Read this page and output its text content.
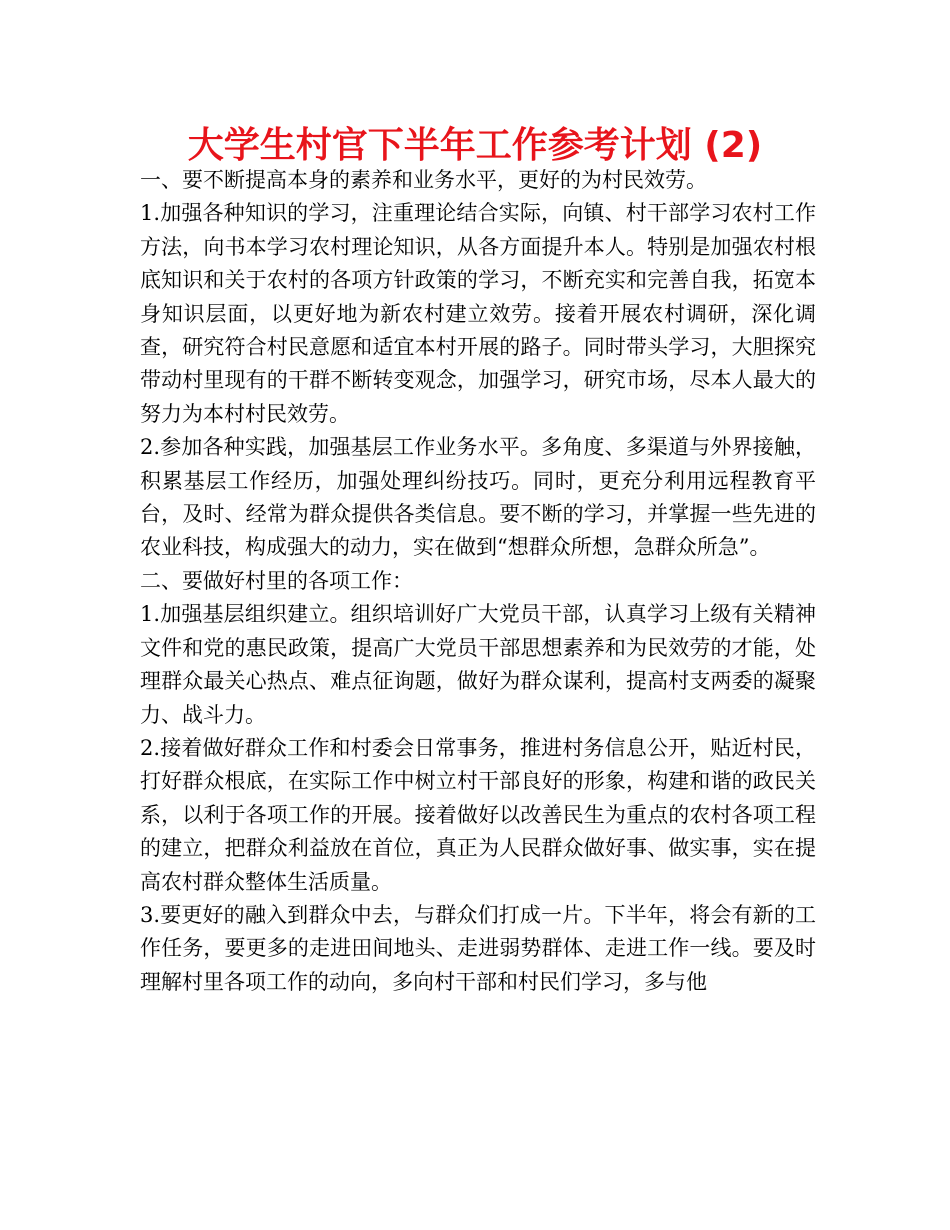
大学生村官下半年工作参考计划 (2)

一、要不断提高本身的素养和业务水平，更好的为村民效劳。

1.加强各种知识的学习，注重理论结合实际，向镇、村干部学习农村工作方法，向书本学习农村理论知识，从各方面提升本人。特别是加强农村根底知识和关于农村的各项方针政策的学习，不断充实和完善自我，拓宽本身知识层面，以更好地为新农村建立效劳。接着开展农村调研，深化调查，研究符合村民意愿和适宜本村开展的路子。同时带头学习，大胆探究带动村里现有的干群不断转变观念，加强学习，研究市场，尽本人最大的努力为本村村民效劳。

2.参加各种实践，加强基层工作业务水平。多角度、多渠道与外界接触，积累基层工作经历，加强处理纠纷技巧。同时，更充分利用远程教育平台，及时、经常为群众提供各类信息。要不断的学习，并掌握一些先进的农业科技，构成强大的动力，实在做到“想群众所想，急群众所急”。

二、要做好村里的各项工作：

1.加强基层组织建立。组织培训好广大党员干部，认真学习上级有关精神文件和党的惠民政策，提高广大党员干部思想素养和为民效劳的才能，处理群众最关心热点、难点征询题，做好为群众谋利，提高村支两委的凝聚力、战斗力。

2.接着做好群众工作和村委会日常事务，推进村务信息公开，贴近村民，打好群众根底，在实际工作中树立村干部良好的形象，构建和谐的政民关系，以利于各项工作的开展。接着做好以改善民生为重点的农村各项工程的建立，把群众利益放在首位，真正为人民群众做好事、做实事，实在提高农村群众整体生活质量。

3.要更好的融入到群众中去，与群众们打成一片。下半年，将会有新的工作任务，要更多的走进田间地头、走进弱势群体、走进工作一线。要及时理解村里各项工作的动向，多向村干部和村民们学习，多与他
